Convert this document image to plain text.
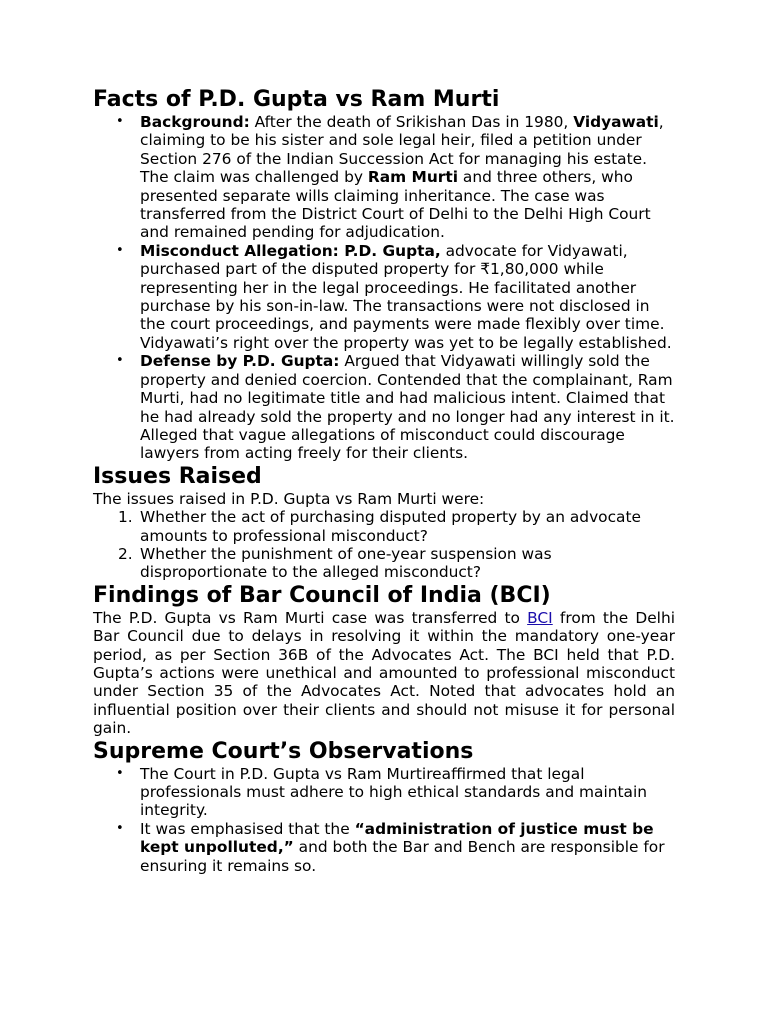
Facts of P.D. Gupta vs Ram Murti
• Background: After the death of Srikishan Das in 1980, Vidyawati, claiming to be his sister and sole legal heir, filed a petition under Section 276 of the Indian Succession Act for managing his estate. The claim was challenged by Ram Murti and three others, who presented separate wills claiming inheritance. The case was transferred from the District Court of Delhi to the Delhi High Court and remained pending for adjudication.
• Misconduct Allegation: P.D. Gupta, advocate for Vidyawati, purchased part of the disputed property for ₹1,80,000 while representing her in the legal proceedings. He facilitated another purchase by his son-in-law. The transactions were not disclosed in the court proceedings, and payments were made flexibly over time. Vidyawati’s right over the property was yet to be legally established.
• Defense by P.D. Gupta: Argued that Vidyawati willingly sold the property and denied coercion. Contended that the complainant, Ram Murti, had no legitimate title and had malicious intent. Claimed that he had already sold the property and no longer had any interest in it. Alleged that vague allegations of misconduct could discourage lawyers from acting freely for their clients.
Issues Raised

The issues raised in P.D. Gupta vs Ram Murti were:

1. Whether the act of purchasing disputed property by an advocate amounts to professional misconduct?
2. Whether the punishment of one-year suspension was disproportionate to the alleged misconduct?
Findings of Bar Council of India (BCI)

The P.D. Gupta vs Ram Murti case was transferred to BCI from the Delhi Bar Council due to delays in resolving it within the mandatory one-year period, as per Section 36B of the Advocates Act. The BCI held that P.D. Gupta’s actions were unethical and amounted to professional misconduct under Section 35 of the Advocates Act. Noted that advocates hold an influential position over their clients and should not misuse it for personal gain.

Supreme Court’s Observations
• The Court in P.D. Gupta vs Ram Murtireaffirmed that legal professionals must adhere to high ethical standards and maintain integrity.
• It was emphasised that the “administration of justice must be kept unpolluted,” and both the Bar and Bench are responsible for ensuring it remains so.
